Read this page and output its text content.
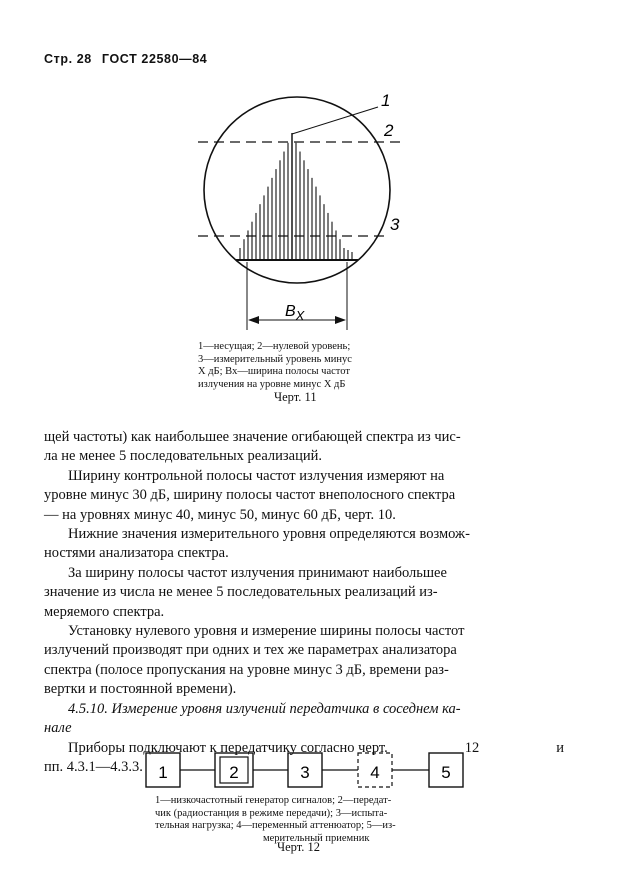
Стр. 28 ГОСТ 22580—84
1
2
3
$B_X$
1—несущая; 2—нулевой уровень;
3—измерительный уровень минус
X дБ; Bx—ширина полосы частот
излучения на уровне минус X дБ
Черт. 11
щей частоты) как наибольшее значение огибающей спектра из чис-
ла не менее 5 последовательных реализаций.
Ширину контрольной полосы частот излучения измеряют на
уровне минус 30 дБ, ширину полосы частот внеполосного спектра
— на уровнях минус 40, минус 50, минус 60 дБ, черт. 10.
Нижние значения измерительного уровня определяются возмож-
ностями анализатора спектра.
За ширину полосы частот излучения принимают наибольшее
значение из числа не менее 5 последовательных реализаций из-
меряемого спектра.
Установку нулевого уровня и измерение ширины полосы частот
излучений производят при одних и тех же параметрах анализатора
спектра (полосе пропускания на уровне минус 3 дБ, времени раз-
вертки и постоянной времени).
4.5.10. Измерение уровня излучений передатчика в соседнем ка-
нале
Приборы подключают к передатчику согласно черт.	12	и
пп. 4.3.1—4.3.3. 1	2	3	4	5
1—низкочастотный генератор сигналов; 2—передат-
чик (радиостанция в режиме передачи); 3—испыта-
тельная нагрузка; 4—переменный аттенюатор; 5—из-
мерительный приемник
Черт. 12
